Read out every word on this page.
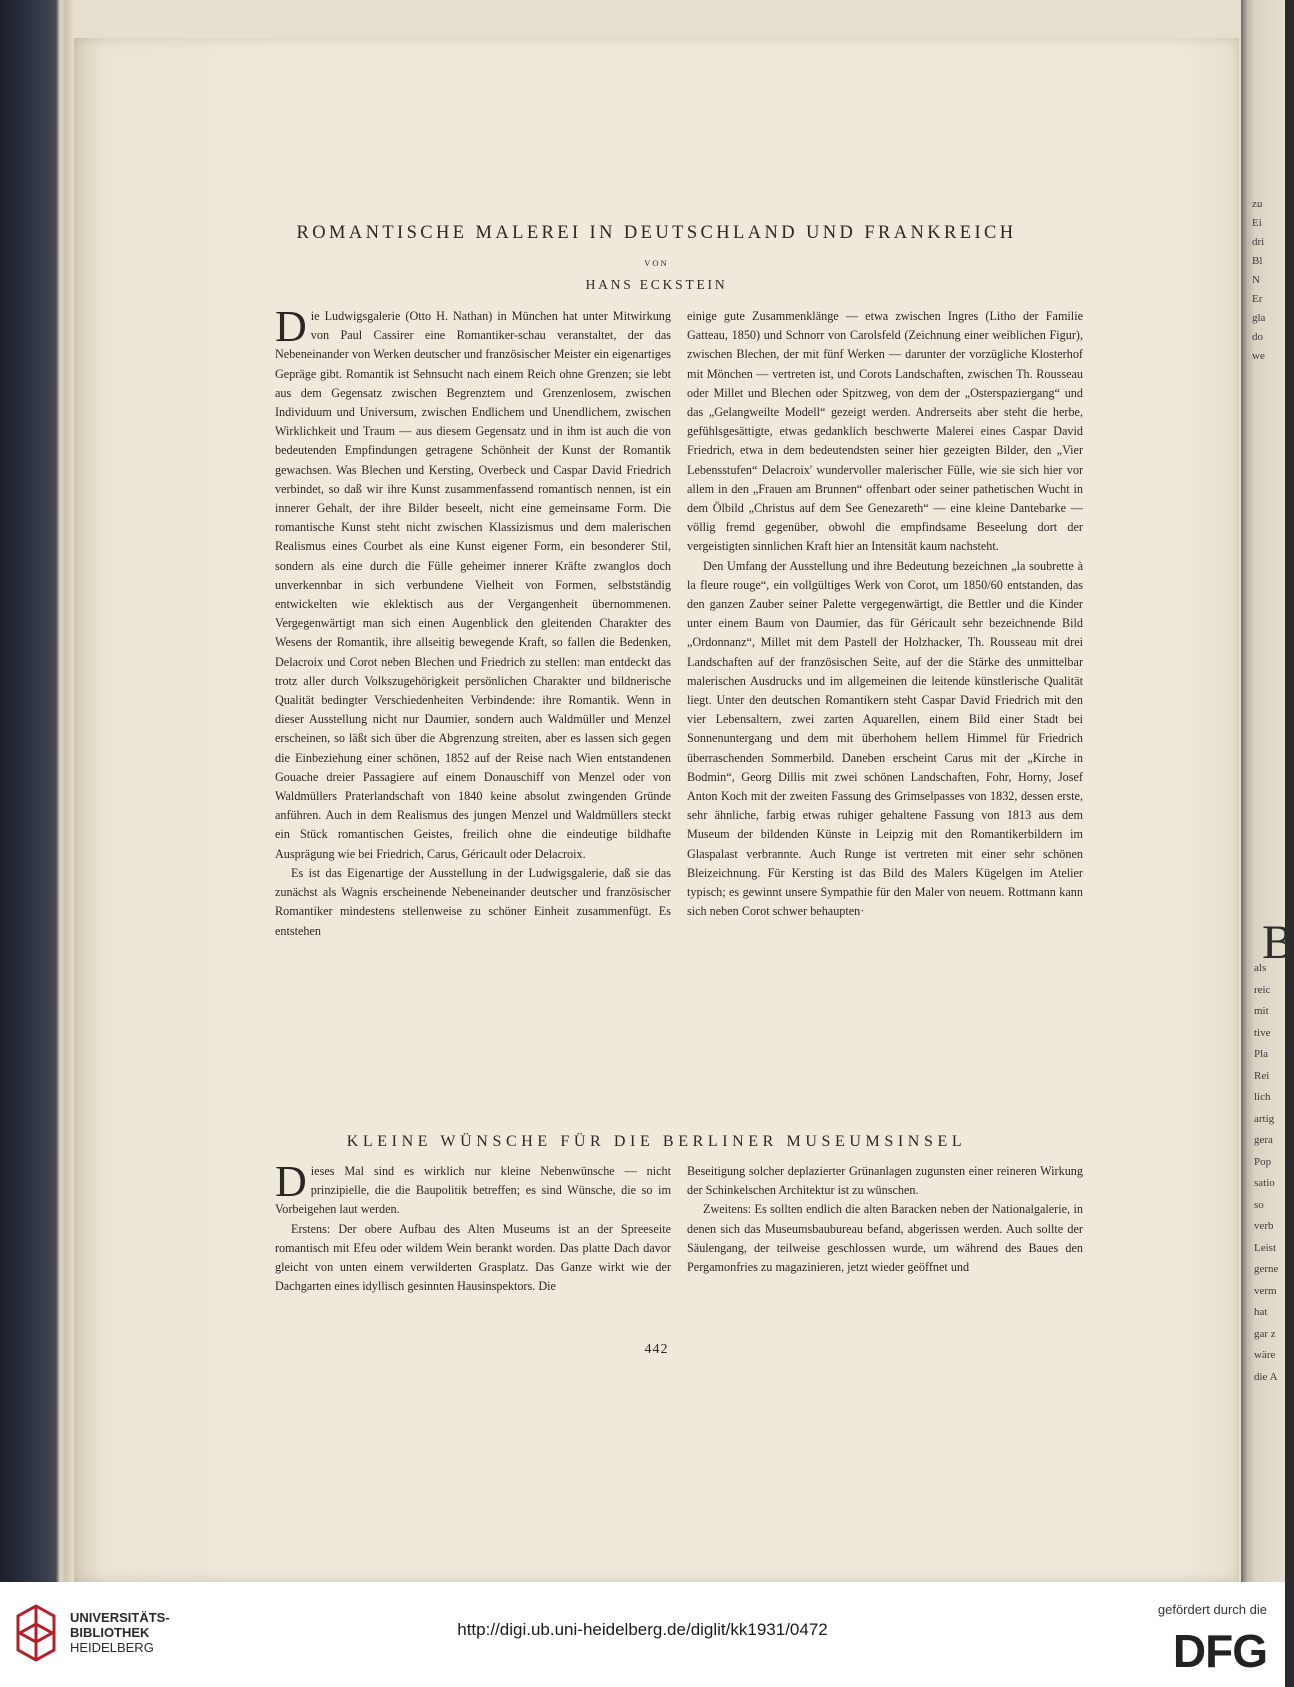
zu
Ei
dri
Bl
N
Er
gla
do
we
B
als
reic
mit
tive
Pla
Rei
lich
artig
gera
Pop
satio
so
verb
Leist
gerne
verm
hat
gar z
wäre
die A
ROMANTISCHE MALEREI IN DEUTSCHLAND UND FRANKREICH
VON
HANS ECKSTEIN

Die Ludwigsgalerie (Otto H. Nathan) in München hat unter Mitwirkung von Paul Cassirer eine Romantiker-schau veranstaltet, der das Nebeneinander von Werken deutscher und französischer Meister ein eigenartiges Gepräge gibt. Romantik ist Sehnsucht nach einem Reich ohne Grenzen; sie lebt aus dem Gegensatz zwischen Begrenztem und Grenzenlosem, zwischen Individuum und Universum, zwischen Endlichem und Unendlichem, zwischen Wirklichkeit und Traum — aus diesem Gegensatz und in ihm ist auch die von bedeutenden Empfindungen getragene Schönheit der Kunst der Romantik gewachsen. Was Blechen und Kersting, Overbeck und Caspar David Friedrich verbindet, so daß wir ihre Kunst zusammenfassend romantisch nennen, ist ein innerer Gehalt, der ihre Bilder beseelt, nicht eine gemeinsame Form. Die romantische Kunst steht nicht zwischen Klassizismus und dem malerischen Realismus eines Courbet als eine Kunst eigener Form, ein besonderer Stil, sondern als eine durch die Fülle geheimer innerer Kräfte zwanglos doch unverkennbar in sich verbundene Vielheit von Formen, selbstständig entwickelten wie eklektisch aus der Vergangenheit übernommenen. Vergegenwärtigt man sich einen Augenblick den gleitenden Charakter des Wesens der Romantik, ihre allseitig bewegende Kraft, so fallen die Bedenken, Delacroix und Corot neben Blechen und Friedrich zu stellen: man entdeckt das trotz aller durch Volkszugehörigkeit persönlichen Charakter und bildnerische Qualität bedingter Verschiedenheiten Verbindende: ihre Romantik. Wenn in dieser Ausstellung nicht nur Daumier, sondern auch Waldmüller und Menzel erscheinen, so läßt sich über die Abgrenzung streiten, aber es lassen sich gegen die Einbeziehung einer schönen, 1852 auf der Reise nach Wien entstandenen Gouache dreier Passagiere auf einem Donauschiff von Menzel oder von Waldmüllers Praterlandschaft von 1840 keine absolut zwingenden Gründe anführen. Auch in dem Realismus des jungen Menzel und Waldmüllers steckt ein Stück romantischen Geistes, freilich ohne die eindeutige bildhafte Ausprägung wie bei Friedrich, Carus, Géricault oder Delacroix.

Es ist das Eigenartige der Ausstellung in der Ludwigsgalerie, daß sie das zunächst als Wagnis erscheinende Nebeneinander deutscher und französischer Romantiker mindestens stellenweise zu schöner Einheit zusammenfügt. Es entstehen

einige gute Zusammenklänge — etwa zwischen Ingres (Litho der Familie Gatteau, 1850) und Schnorr von Carolsfeld (Zeichnung einer weiblichen Figur), zwischen Blechen, der mit fünf Werken — darunter der vorzügliche Klosterhof mit Mönchen — vertreten ist, und Corots Landschaften, zwischen Th. Rousseau oder Millet und Blechen oder Spitzweg, von dem der „Osterspaziergang“ und das „Gelangweilte Modell“ gezeigt werden. Andrerseits aber steht die herbe, gefühlsgesättigte, etwas gedanklich beschwerte Malerei eines Caspar David Friedrich, etwa in dem bedeutendsten seiner hier gezeigten Bilder, den „Vier Lebensstufen“ Delacroix' wundervoller malerischer Fülle, wie sie sich hier vor allem in den „Frauen am Brunnen“ offenbart oder seiner pathetischen Wucht in dem Ölbild „Christus auf dem See Genezareth“ — eine kleine Dantebarke — völlig fremd gegenüber, obwohl die empfindsame Beseelung dort der vergeistigten sinnlichen Kraft hier an Intensität kaum nachsteht.

Den Umfang der Ausstellung und ihre Bedeutung bezeichnen „la soubrette à la fleure rouge“, ein vollgültiges Werk von Corot, um 1850/60 entstanden, das den ganzen Zauber seiner Palette vergegenwärtigt, die Bettler und die Kinder unter einem Baum von Daumier, das für Géricault sehr bezeichnende Bild „Ordonnanz“, Millet mit dem Pastell der Holzhacker, Th. Rousseau mit drei Landschaften auf der französischen Seite, auf der die Stärke des unmittelbar malerischen Ausdrucks und im allgemeinen die leitende künstlerische Qualität liegt. Unter den deutschen Romantikern steht Caspar David Friedrich mit den vier Lebensaltern, zwei zarten Aquarellen, einem Bild einer Stadt bei Sonnenuntergang und dem mit überhohem hellem Himmel für Friedrich überraschenden Sommerbild. Daneben erscheint Carus mit der „Kirche in Bodmin“, Georg Dillis mit zwei schönen Landschaften, Fohr, Horny, Josef Anton Koch mit der zweiten Fassung des Grimselpasses von 1832, dessen erste, sehr ähnliche, farbig etwas ruhiger gehaltene Fassung von 1813 aus dem Museum der bildenden Künste in Leipzig mit den Romantikerbildern im Glaspalast verbrannte. Auch Runge ist vertreten mit einer sehr schönen Bleizeichnung. Für Kersting ist das Bild des Malers Kügelgen im Atelier typisch; es gewinnt unsere Sympathie für den Maler von neuem. Rottmann kann sich neben Corot schwer behaupten·

KLEINE WÜNSCHE FÜR DIE BERLINER MUSEUMSINSEL

Dieses Mal sind es wirklich nur kleine Nebenwünsche — nicht prinzipielle, die die Baupolitik betreffen; es sind Wünsche, die so im Vorbeigehen laut werden.

Erstens: Der obere Aufbau des Alten Museums ist an der Spreeseite romantisch mit Efeu oder wildem Wein berankt worden. Das platte Dach davor gleicht von unten einem verwilderten Grasplatz. Das Ganze wirkt wie der Dachgarten eines idyllisch gesinnten Hausinspektors. Die

Beseitigung solcher deplazierter Grünanlagen zugunsten einer reineren Wirkung der Schinkelschen Architektur ist zu wünschen.

Zweitens: Es sollten endlich die alten Baracken neben der Nationalgalerie, in denen sich das Museumsbaubureau befand, abgerissen werden. Auch sollte der Säulengang, der teilweise geschlossen wurde, um während des Baues den Pergamonfries zu magazinieren, jetzt wieder geöffnet und

442
UNIVERSITÄTS-
BIBLIOTHEK
HEIDELBERG
http://digi.ub.uni-heidelberg.de/diglit/kk1931/0472
gefördert durch die
DFG
